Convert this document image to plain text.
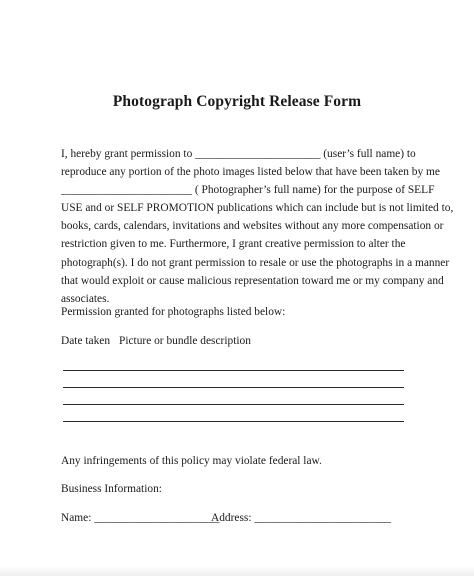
Photograph Copyright Release Form
I, hereby grant permission to ______________________ (user’s full name) to
reproduce any portion of the photo images listed below that have been taken by me
_______________________ ( Photographer’s full name) for the purpose of SELF
USE and or SELF PROMOTION publications which can include but is not limited to,
books, cards, calendars, invitations and websites without any more compensation or
restriction given to me. Furthermore, I grant creative permission to alter the
photograph(s). I do not grant permission to resale or use the photographs in a manner
that would exploit or cause malicious representation toward me or my company and
associates.
Permission granted for photographs listed below:
Date taken Picture or bundle description
Any infringements of this policy may violate federal law.
Business Information:
Name: ______________________
Address: ________________________
